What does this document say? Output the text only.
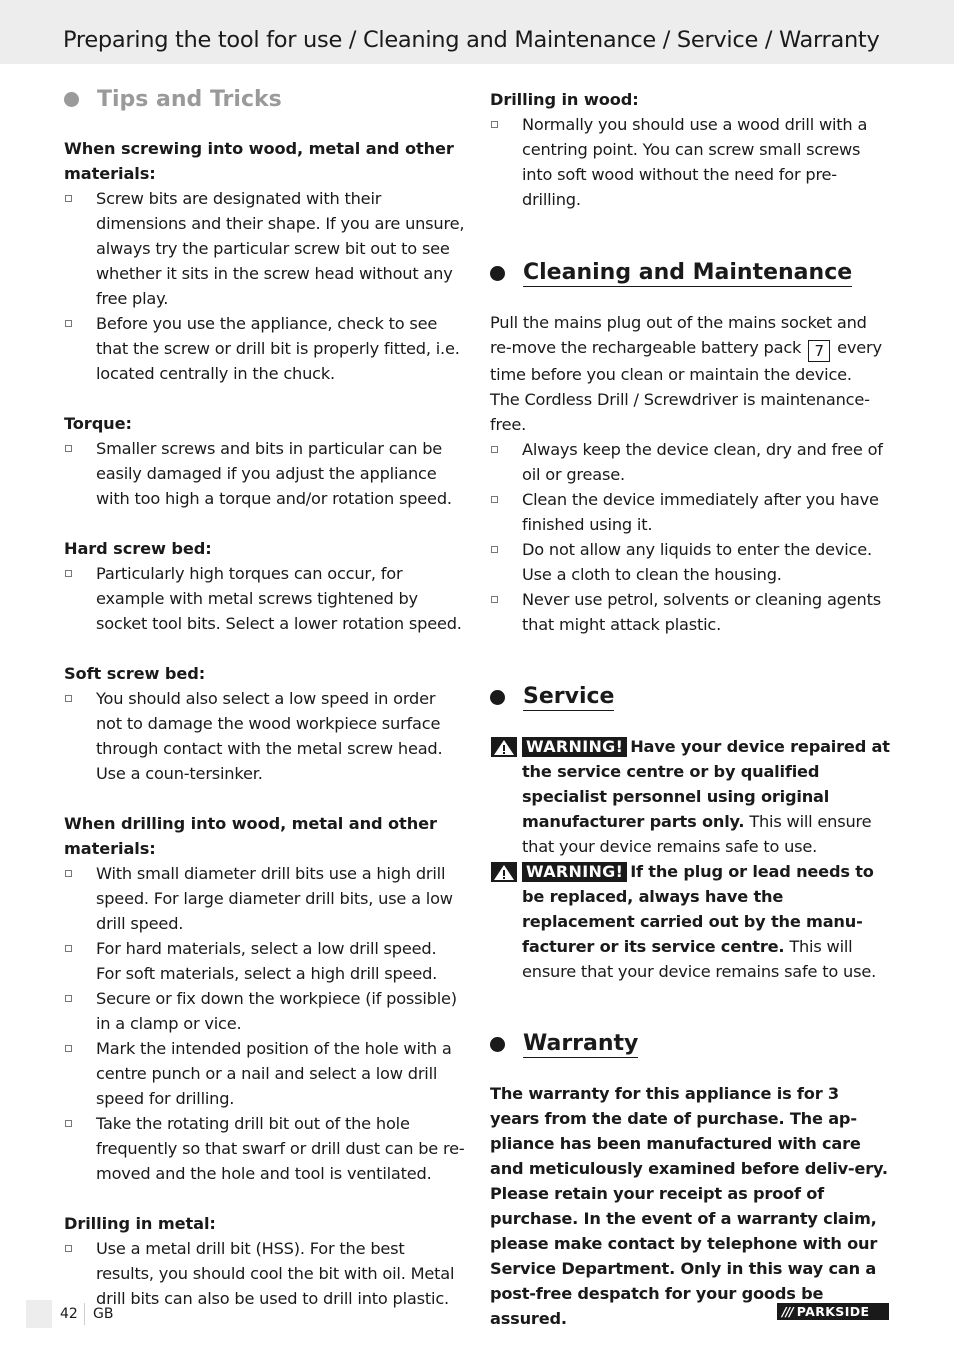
Preparing the tool for use / Cleaning and Maintenance / Service / Warranty
Tips and Tricks
When screwing into wood, metal and other materials:
Screw bits are designated with their dimensions and their shape. If you are unsure, always try the particular screw bit out to see whether it sits in the screw head without any free play.
Before you use the appliance, check to see that the screw or drill bit is properly fitted, i.e. located centrally in the chuck.
Torque:
Smaller screws and bits in particular can be easily damaged if you adjust the appliance with too high a torque and/or rotation speed.
Hard screw bed:
Particularly high torques can occur, for example with metal screws tightened by socket tool bits. Select a lower rotation speed.
Soft screw bed:
You should also select a low speed in order not to damage the wood workpiece surface through contact with the metal screw head. Use a coun-tersinker.
When drilling into wood, metal and other materials:
With small diameter drill bits use a high drill speed. For large diameter drill bits, use a low drill speed.
For hard materials, select a low drill speed. For soft materials, select a high drill speed.
Secure or fix down the workpiece (if possible) in a clamp or vice.
Mark the intended position of the hole with a centre punch or a nail and select a low drill speed for drilling.
Take the rotating drill bit out of the hole frequently so that swarf or drill dust can be re-moved and the hole and tool is ventilated.
Drilling in metal:
Use a metal drill bit (HSS). For the best results, you should cool the bit with oil. Metal drill bits can also be used to drill into plastic.
Drilling in wood:
Normally you should use a wood drill with a centring point. You can screw small screws into soft wood without the need for pre-drilling.
Cleaning and Maintenance
Pull the mains plug out of the mains socket and re-move the rechargeable battery pack 7 every time before you clean or maintain the device.
The Cordless Drill / Screwdriver is maintenance-free.
Always keep the device clean, dry and free of oil or grease.
Clean the device immediately after you have finished using it.
Do not allow any liquids to enter the device. Use a cloth to clean the housing.
Never use petrol, solvents or cleaning agents that might attack plastic.
Service
WARNING! Have your device repaired at the service centre or by qualified specialist personnel using original manufacturer parts only. This will ensure that your device remains safe to use.
WARNING! If the plug or lead needs to be replaced, always have the replacement carried out by the manu-facturer or its service centre. This will ensure that your device remains safe to use.
Warranty
The warranty for this appliance is for 3 years from the date of purchase. The ap-pliance has been manufactured with care and meticulously examined before deliv-ery. Please retain your receipt as proof of purchase. In the event of a warranty claim, please make contact by telephone with our Service Department. Only in this way can a post-free despatch for your goods be assured.
42 GB	/// PARKSIDE
